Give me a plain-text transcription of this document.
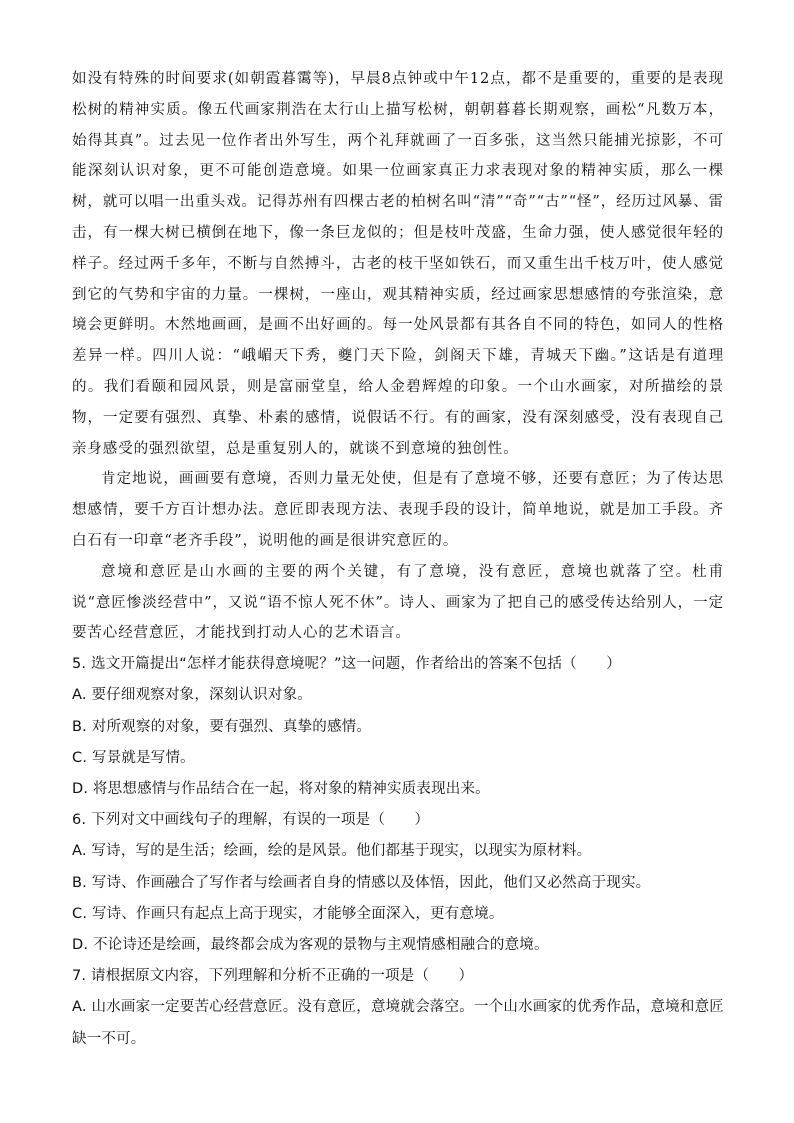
如没有特殊的时间要求(如朝霞暮霭等)，早晨8点钟或中午12点，都不是重要的，重要的是表现松树的精神实质。像五代画家荆浩在太行山上描写松树，朝朝暮暮长期观察，画松“凡数万本，始得其真”。过去见一位作者出外写生，两个礼拜就画了一百多张，这当然只能捕光掠影，不可能深刻认识对象，更不可能创造意境。如果一位画家真正力求表现对象的精神实质，那么一棵树，就可以唱一出重头戏。记得苏州有四棵古老的柏树名叫“清”“奇”“古”“怪”，经历过风暴、雷击，有一棵大树已横倒在地下，像一条巨龙似的；但是枝叶茂盛，生命力强，使人感觉很年轻的样子。经过两千多年，不断与自然搏斗，古老的枝干坚如铁石，而又重生出千枝万叶，使人感觉到它的气势和宇宙的力量。一棵树，一座山，观其精神实质，经过画家思想感情的夸张渲染，意境会更鲜明。木然地画画，是画不出好画的。每一处风景都有其各自不同的特色，如同人的性格差异一样。四川人说：“峨嵋天下秀，夔门天下险，剑阁天下雄，青城天下幽。”这话是有道理的。我们看颐和园风景，则是富丽堂皇，给人金碧辉煌的印象。一个山水画家，对所描绘的景物，一定要有强烈、真挚、朴素的感情，说假话不行。有的画家，没有深刻感受，没有表现自己亲身感受的强烈欲望，总是重复别人的，就谈不到意境的独创性。

肯定地说，画画要有意境，否则力量无处使，但是有了意境不够，还要有意匠；为了传达思想感情，要千方百计想办法。意匠即表现方法、表现手段的设计，简单地说，就是加工手段。齐白石有一印章“老齐手段”，说明他的画是很讲究意匠的。

意境和意匠是山水画的主要的两个关键，有了意境，没有意匠，意境也就落了空。杜甫说“意匠惨淡经营中”，又说“语不惊人死不休”。诗人、画家为了把自己的感受传达给别人，一定要苦心经营意匠，才能找到打动人心的艺术语言。

5. 选文开篇提出“怎样才能获得意境呢？”这一问题，作者给出的答案不包括（　　）

A. 要仔细观察对象，深刻认识对象。

B. 对所观察的对象，要有强烈、真挚的感情。

C. 写景就是写情。

D. 将思想感情与作品结合在一起，将对象的精神实质表现出来。

6. 下列对文中画线句子的理解，有误的一项是（　　）

A. 写诗，写的是生活；绘画，绘的是风景。他们都基于现实，以现实为原材料。

B. 写诗、作画融合了写作者与绘画者自身的情感以及体悟，因此，他们又必然高于现实。

C. 写诗、作画只有起点上高于现实，才能够全面深入，更有意境。

D. 不论诗还是绘画，最终都会成为客观的景物与主观情感相融合的意境。

7. 请根据原文内容，下列理解和分析不正确的一项是（　　）

A. 山水画家一定要苦心经营意匠。没有意匠，意境就会落空。一个山水画家的优秀作品，意境和意匠缺一不可。
